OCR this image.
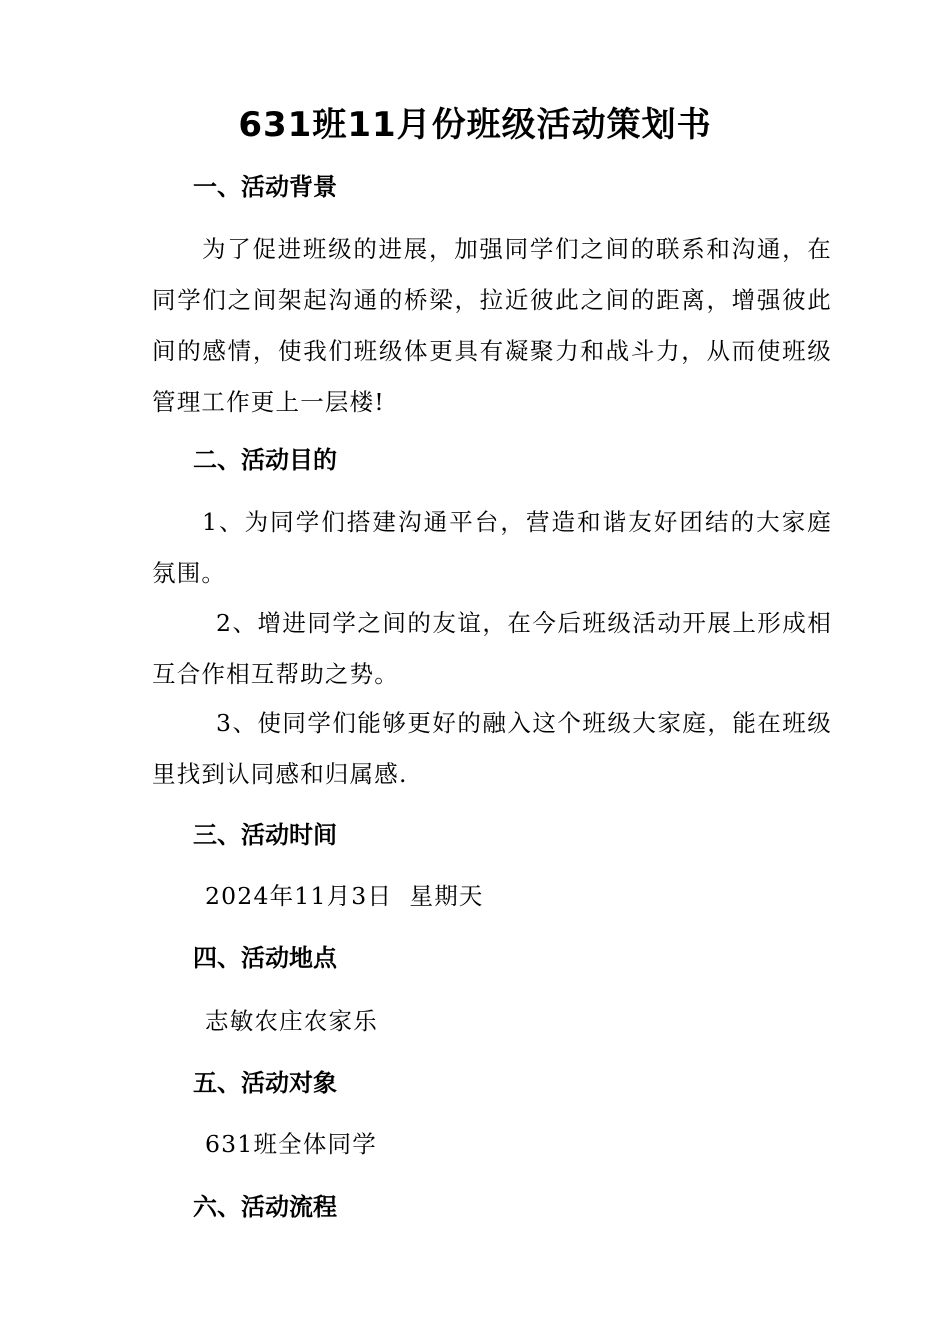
631班11月份班级活动策划书
一、活动背景
为了促进班级的进展，加强同学们之间的联系和沟通，在同学们之间架起沟通的桥梁，拉近彼此之间的距离，增强彼此间的感情，使我们班级体更具有凝聚力和战斗力，从而使班级管理工作更上一层楼!
二、活动目的
1、为同学们搭建沟通平台，营造和谐友好团结的大家庭氛围。
2、增进同学之间的友谊，在今后班级活动开展上形成相互合作相互帮助之势。
3、使同学们能够更好的融入这个班级大家庭，能在班级里找到认同感和归属感.
三、活动时间
2024年11月3日  星期天
四、活动地点
志敏农庄农家乐
五、活动对象
631班全体同学
六、活动流程
